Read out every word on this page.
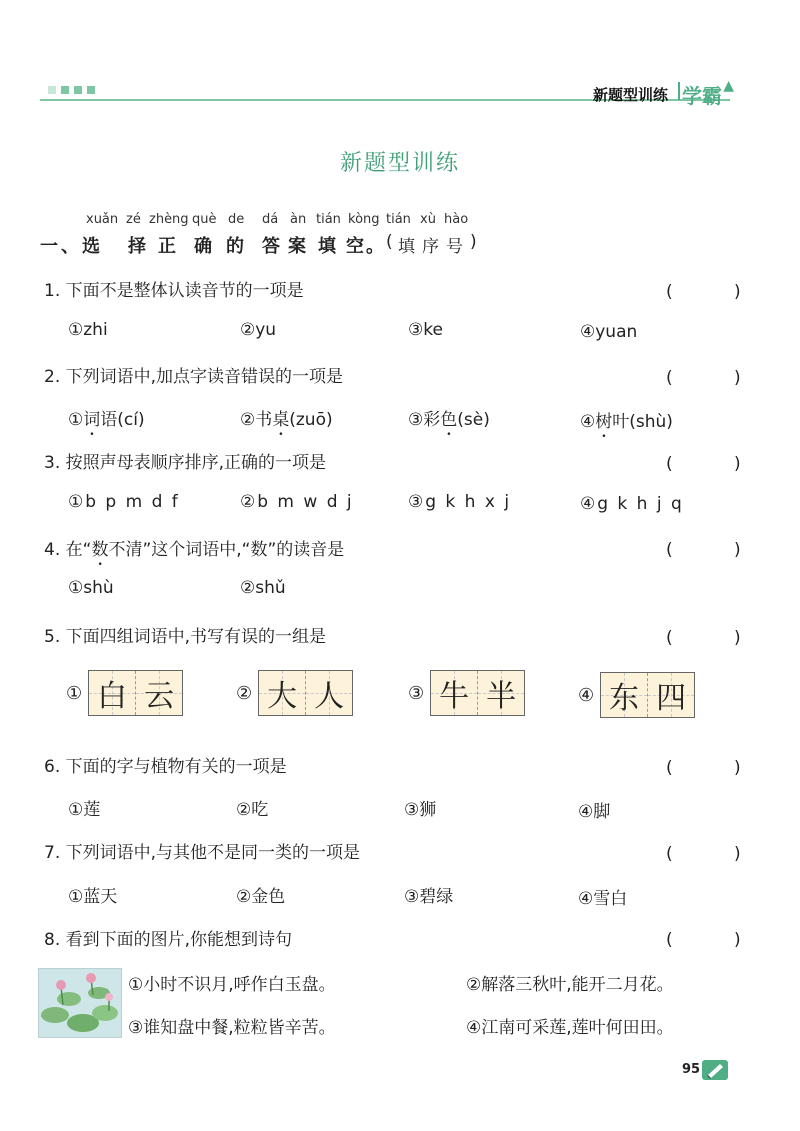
新题型训练 学霸 ▲
新题型训练
xuǎn zé zhèng què de dá àn tián kòng tián xù hào
一、选 择 正 确 的 答 案 填 空 。 ( 填 序 号 )
1. 下面不是整体认读音节的一项是	( )
①zhi	②yu	③ke	④yuan
2. 下列词语中,加点字读音错误的一项是	( )
①词语(cí)	②书桌(zuō)	③彩色(sè)	④树叶(shù)
3. 按照声母表顺序排序,正确的一项是	( )
①b p m d f	②b m w d j	③g k h x j	④g k h j q
4. 在“数不清”这个词语中,“数”的读音是	( )
①shù	②shǔ
5. 下面四组词语中,书写有误的一组是	( )
① 白 云	② 大 人	③ 牛 半	④ 东 四
6. 下面的字与植物有关的一项是	( )
①莲	②吃	③狮	④脚
7. 下列词语中,与其他不是同一类的一项是	( )
①蓝天	②金色	③碧绿	④雪白
8. 看到下面的图片,你能想到诗句	( )
①小时不识月,呼作白玉盘。	②解落三秋叶,能开二月花。
③谁知盘中餐,粒粒皆辛苦。	④江南可采莲,莲叶何田田。
95
